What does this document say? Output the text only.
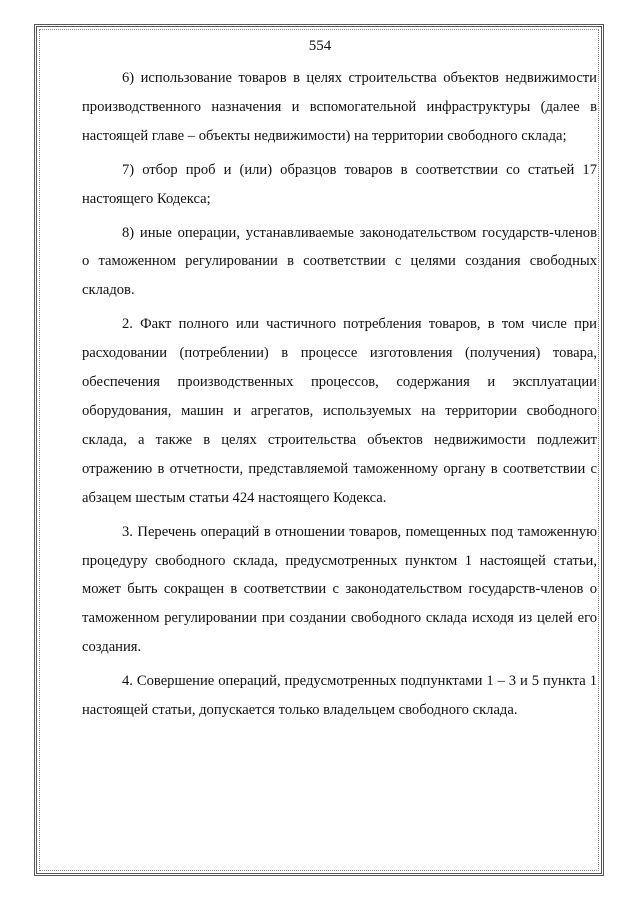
554

6) использование товаров в целях строительства объектов недвижимости производственного назначения и вспомогательной инфраструктуры (далее в настоящей главе – объекты недвижимости) на территории свободного склада;

7) отбор проб и (или) образцов товаров в соответствии со статьей 17 настоящего Кодекса;

8) иные операции, устанавливаемые законодательством государств-членов о таможенном регулировании в соответствии с целями создания свободных складов.

2. Факт полного или частичного потребления товаров, в том числе при расходовании (потреблении) в процессе изготовления (получения) товара, обеспечения производственных процессов, содержания и эксплуатации оборудования, машин и агрегатов, используемых на территории свободного склада, а также в целях строительства объектов недвижимости подлежит отражению в отчетности, представляемой таможенному органу в соответствии с абзацем шестым статьи 424 настоящего Кодекса.

3. Перечень операций в отношении товаров, помещенных под таможенную процедуру свободного склада, предусмотренных пунктом 1 настоящей статьи, может быть сокращен в соответствии с законодательством государств-членов о таможенном регулировании при создании свободного склада исходя из целей его создания.

4. Совершение операций, предусмотренных подпунктами 1 – 3 и 5 пункта 1 настоящей статьи, допускается только владельцем свободного склада.
